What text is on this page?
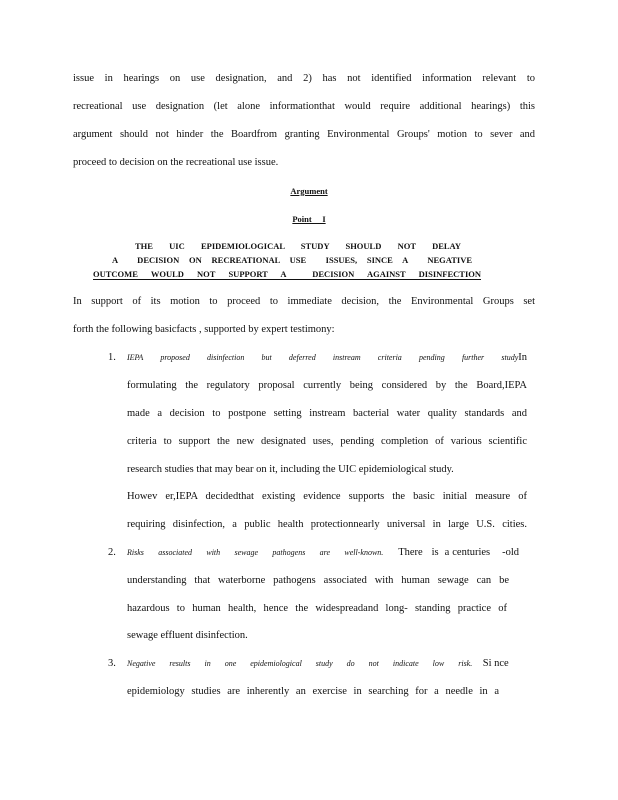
issue in hearings on use designation, and 2) has not identified information relevant to
recreational use designation (let alone informationthat would require additional hearings) this
argument should not hinder the Boardfrom granting Environmental Groups' motion to sever and
proceed to decision on the recreational use issue.
Argument
Point     I
THE UIC EPIDEMIOLOGICAL STUDY SHOULD NOT DELAY
A  DECISION ON RECREATIONAL USE  ISSUES, SINCE A  NEGATIVE
OUTCOME WOULD NOT SUPPORT A  DECISION AGAINST DISINFECTION
In support of its motion to proceed to immediate decision, the Environmental Groups set
forth the following basicfacts , supported by expert testimony:
1. IEPA proposed disinfection but deferred instream criteria pending further studyIn
formulating the regulatory proposal currently being considered by the Board,IEPA
made a decision to postpone setting instream bacterial water quality standards and
criteria to support the new designated uses, pending completion of various scientific
research studies that may bear on it, including the UIC epidemiological study.
Howev er,IEPA decidedthat existing evidence supports the basic initial measure of
requiring disinfection, a public health protectionnearly universal in large U.S. cities.
2. Risks associated with sewage pathogens are well-known. There   is  a centuries    -old
understanding that waterborne pathogens associated with human sewage can be
hazardous to human health, hence the widespreadand long- standing practice of
sewage effluent disinfection.
3. Negative results in one epidemiological study do not indicate low risk. Si nce
epidemiology studies are inherently an exercise in searching for a needle in a
